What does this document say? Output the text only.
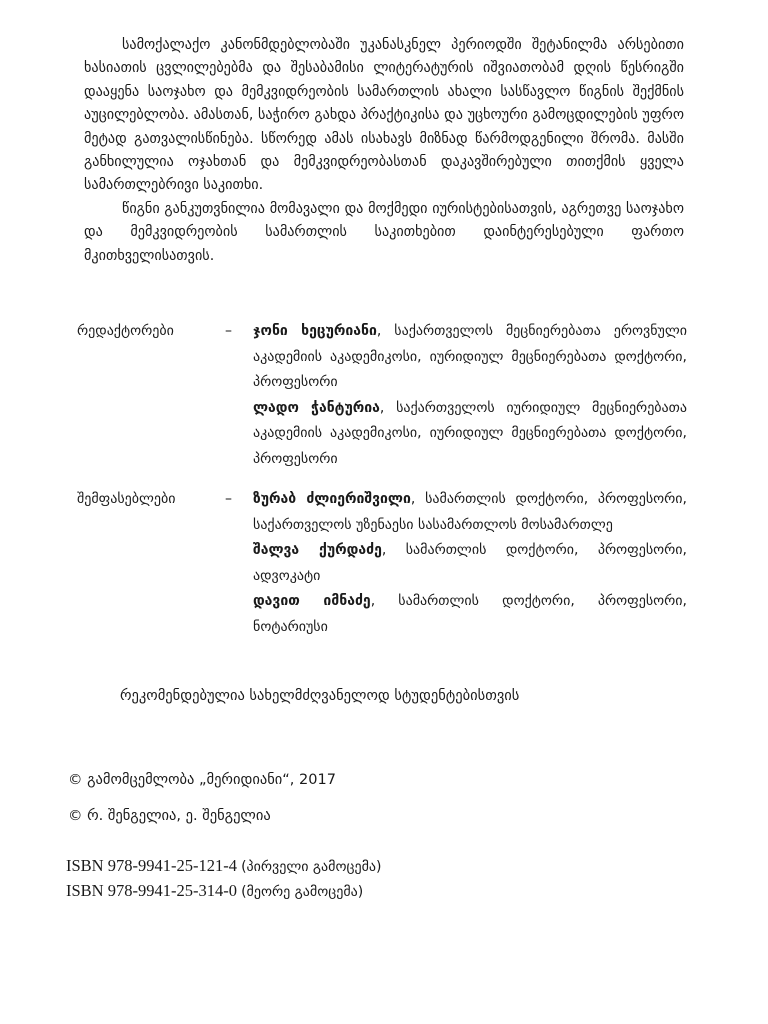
სამოქალაქო კანონმდებლობაში უკანასკნელ პერიოდში შეტანილმა არსებითი ხასიათის ცვლილებებმა და შესაბამისი ლიტერატურის იშვიათობამ დღის წესრიგში დააყენა საოჯახო და მემკვიდრეობის სამართლის ახალი სასწავლო წიგნის შექმნის აუცილებლობა. ამასთან, საჭირო გახდა პრაქტიკისა და უცხოური გამოცდილების უფრო მეტად გათვალისწინება. სწორედ ამას ისახავს მიზნად წარმოდგენილი შრომა. მასში განხილულია ოჯახთან და მემკვიდრეობასთან დაკავშირებული თითქმის ყველა სამართლებრივი საკითხი.

წიგნი განკუთვნილია მომავალი და მოქმედი იურისტებისათვის, აგრეთვე საოჯახო და მემკვიდრეობის სამართლის საკითხებით დაინტერესებული ფართო მკითხველისათვის.

რედაქტორები	–	ჯონი ხეცურიანი, საქართველოს მეცნიერებათა ეროვნული აკადემიის აკადემიკოსი, იურიდიულ მეცნიერებათა დოქტორი, პროფესორი

ლადო ჭანტურია, საქართველოს იურიდიულ მეცნიერებათა აკადემიის აკადემიკოსი, იურიდიულ მეცნიერებათა დოქტორი, პროფესორი

შემფასებლები	–	ზურაბ ძლიერიშვილი, სამართლის დოქტორი, პროფესორი, საქართველოს უზენაესი სასამართლოს მოსამართლე

შალვა ქურდაძე, სამართლის დოქტორი, პროფესორი, ადვოკატი

დავით იმნაძე, სამართლის დოქტორი, პროფესორი, ნოტარიუსი

რეკომენდებულია სახელმძღვანელოდ სტუდენტებისთვის
© გამომცემლობა „მერიდიანი“, 2017
© რ. შენგელია, ე. შენგელია
ISBN 978-9941-25-121-4 (პირველი გამოცემა)
ISBN 978-9941-25-314-0 (მეორე გამოცემა)
